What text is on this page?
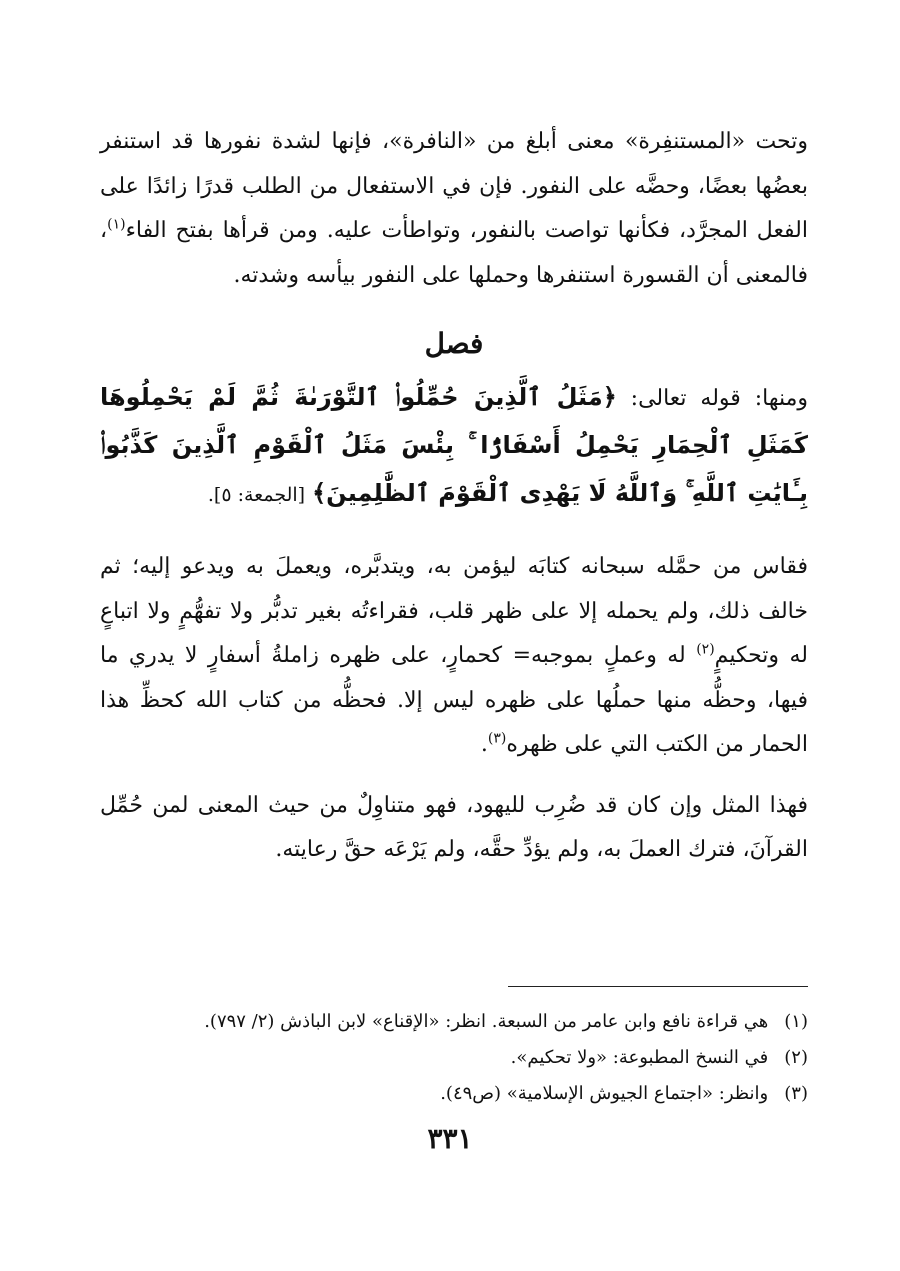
وتحت «المستنفِرة» معنى أبلغ من «النافرة»، فإنها لشدة نفورها قد استنفر بعضُها بعضًا، وحضَّه على النفور. فإن في الاستفعال من الطلب قدرًا زائدًا على الفعل المجرَّد، فكأنها تواصت بالنفور، وتواطأت عليه. ومن قرأها بفتح الفاء$^{(١)}$، فالمعنى أن القسورة استنفرها وحملها على النفور بيأسه وشدته.

فصل

ومنها: قوله تعالى: ﴿مَثَلُ ٱلَّذِينَ حُمِّلُوا۟ ٱلتَّوْرَىٰةَ ثُمَّ لَمْ يَحْمِلُوهَا كَمَثَلِ ٱلْحِمَارِ يَحْمِلُ أَسْفَارًۢا ۚ بِئْسَ مَثَلُ ٱلْقَوْمِ ٱلَّذِينَ كَذَّبُوا۟ بِـَٔايَٰتِ ٱللَّهِ ۚ وَٱللَّهُ لَا يَهْدِى ٱلْقَوْمَ ٱلظَّٰلِمِينَ﴾ [الجمعة: ٥].

فقاس من حمَّله سبحانه كتابَه ليؤمن به، ويتدبَّره، ويعملَ به ويدعو إليه؛ ثم خالف ذلك، ولم يحمله إلا على ظهر قلب، فقراءتُه بغير تدبُّر ولا تفهُّمٍ ولا اتباعٍ له وتحكيمٍ$^{(٢)}$ له وعملٍ بموجبه= كحمارٍ، على ظهره زاملةُ أسفارٍ لا يدري ما فيها، وحظُّه منها حملُها على ظهره ليس إلا. فحظُّه من كتاب الله كحظِّ هذا الحمار من الكتب التي على ظهره$^{(٣)}$.

فهذا المثل وإن كان قد ضُرِب لليهود، فهو متناوِلٌ من حيث المعنى لمن حُمِّل القرآنَ، فترك العملَ به، ولم يؤدِّ حقَّه، ولم يَرْعَه حقَّ رعايته.

(١) هي قراءة نافع وابن عامر من السبعة. انظر: «الإقناع» لابن الباذش (٢/ ٧٩٧).

(٢) في النسخ المطبوعة: «ولا تحكيم».

(٣) وانظر: «اجتماع الجيوش الإسلامية» (ص٤٩).

٣٣١
